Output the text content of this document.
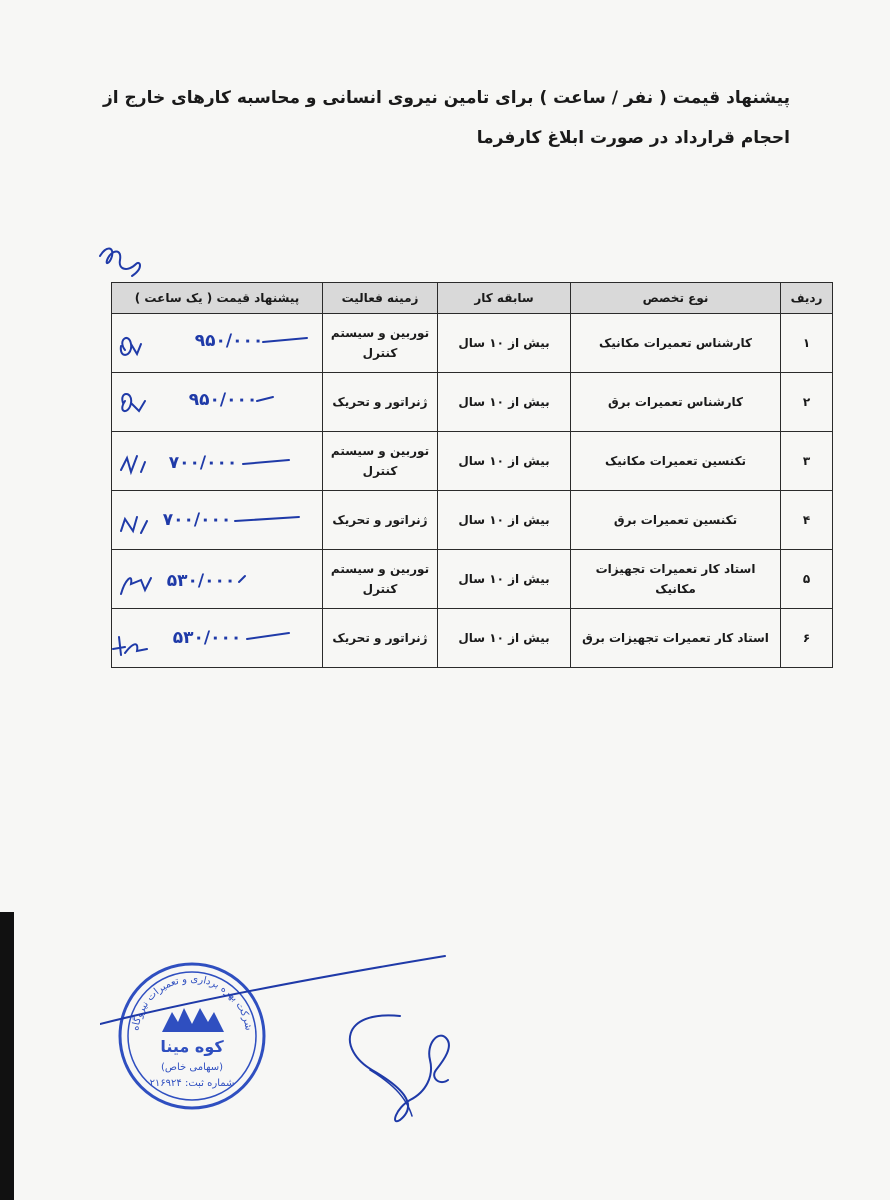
پیشنهاد قیمت ( نفر / ساعت ) برای تامین نیروی انسانی و محاسبه کارهای خارج از
احجام قرارداد در صورت ابلاغ کارفرما
ردیف	نوع تخصص	سابقه کار	زمینه فعالیت	پیشنهاد قیمت ( یک ساعت )
۱	کارشناس تعمیرات مکانیک	بیش از ۱۰ سال	توربین و سیستم کنترل	۹۵۰/۰۰۰

۲	کارشناس تعمیرات برق	بیش از ۱۰ سال	ژنراتور و تحریک	۹۵۰/۰۰۰

۳	تکنسین تعمیرات مکانیک	بیش از ۱۰ سال	توربین و سیستم کنترل	۷۰۰/۰۰۰

۴	تکنسین تعمیرات برق	بیش از ۱۰ سال	ژنراتور و تحریک	۷۰۰/۰۰۰

۵	استاد کار تعمیرات تجهیزات مکانیک	بیش از ۱۰ سال	توربین و سیستم کنترل	۵۳۰/۰۰۰

۶	استاد کار تعمیرات تجهیزات برق	بیش از ۱۰ سال	ژنراتور و تحریک	۵۳۰/۰۰۰
شرکت بهره برداری و تعمیرات نیروگاه
کوه مینا
(سهامی خاص)
شماره ثبت: ۲۱۶۹۲۴
